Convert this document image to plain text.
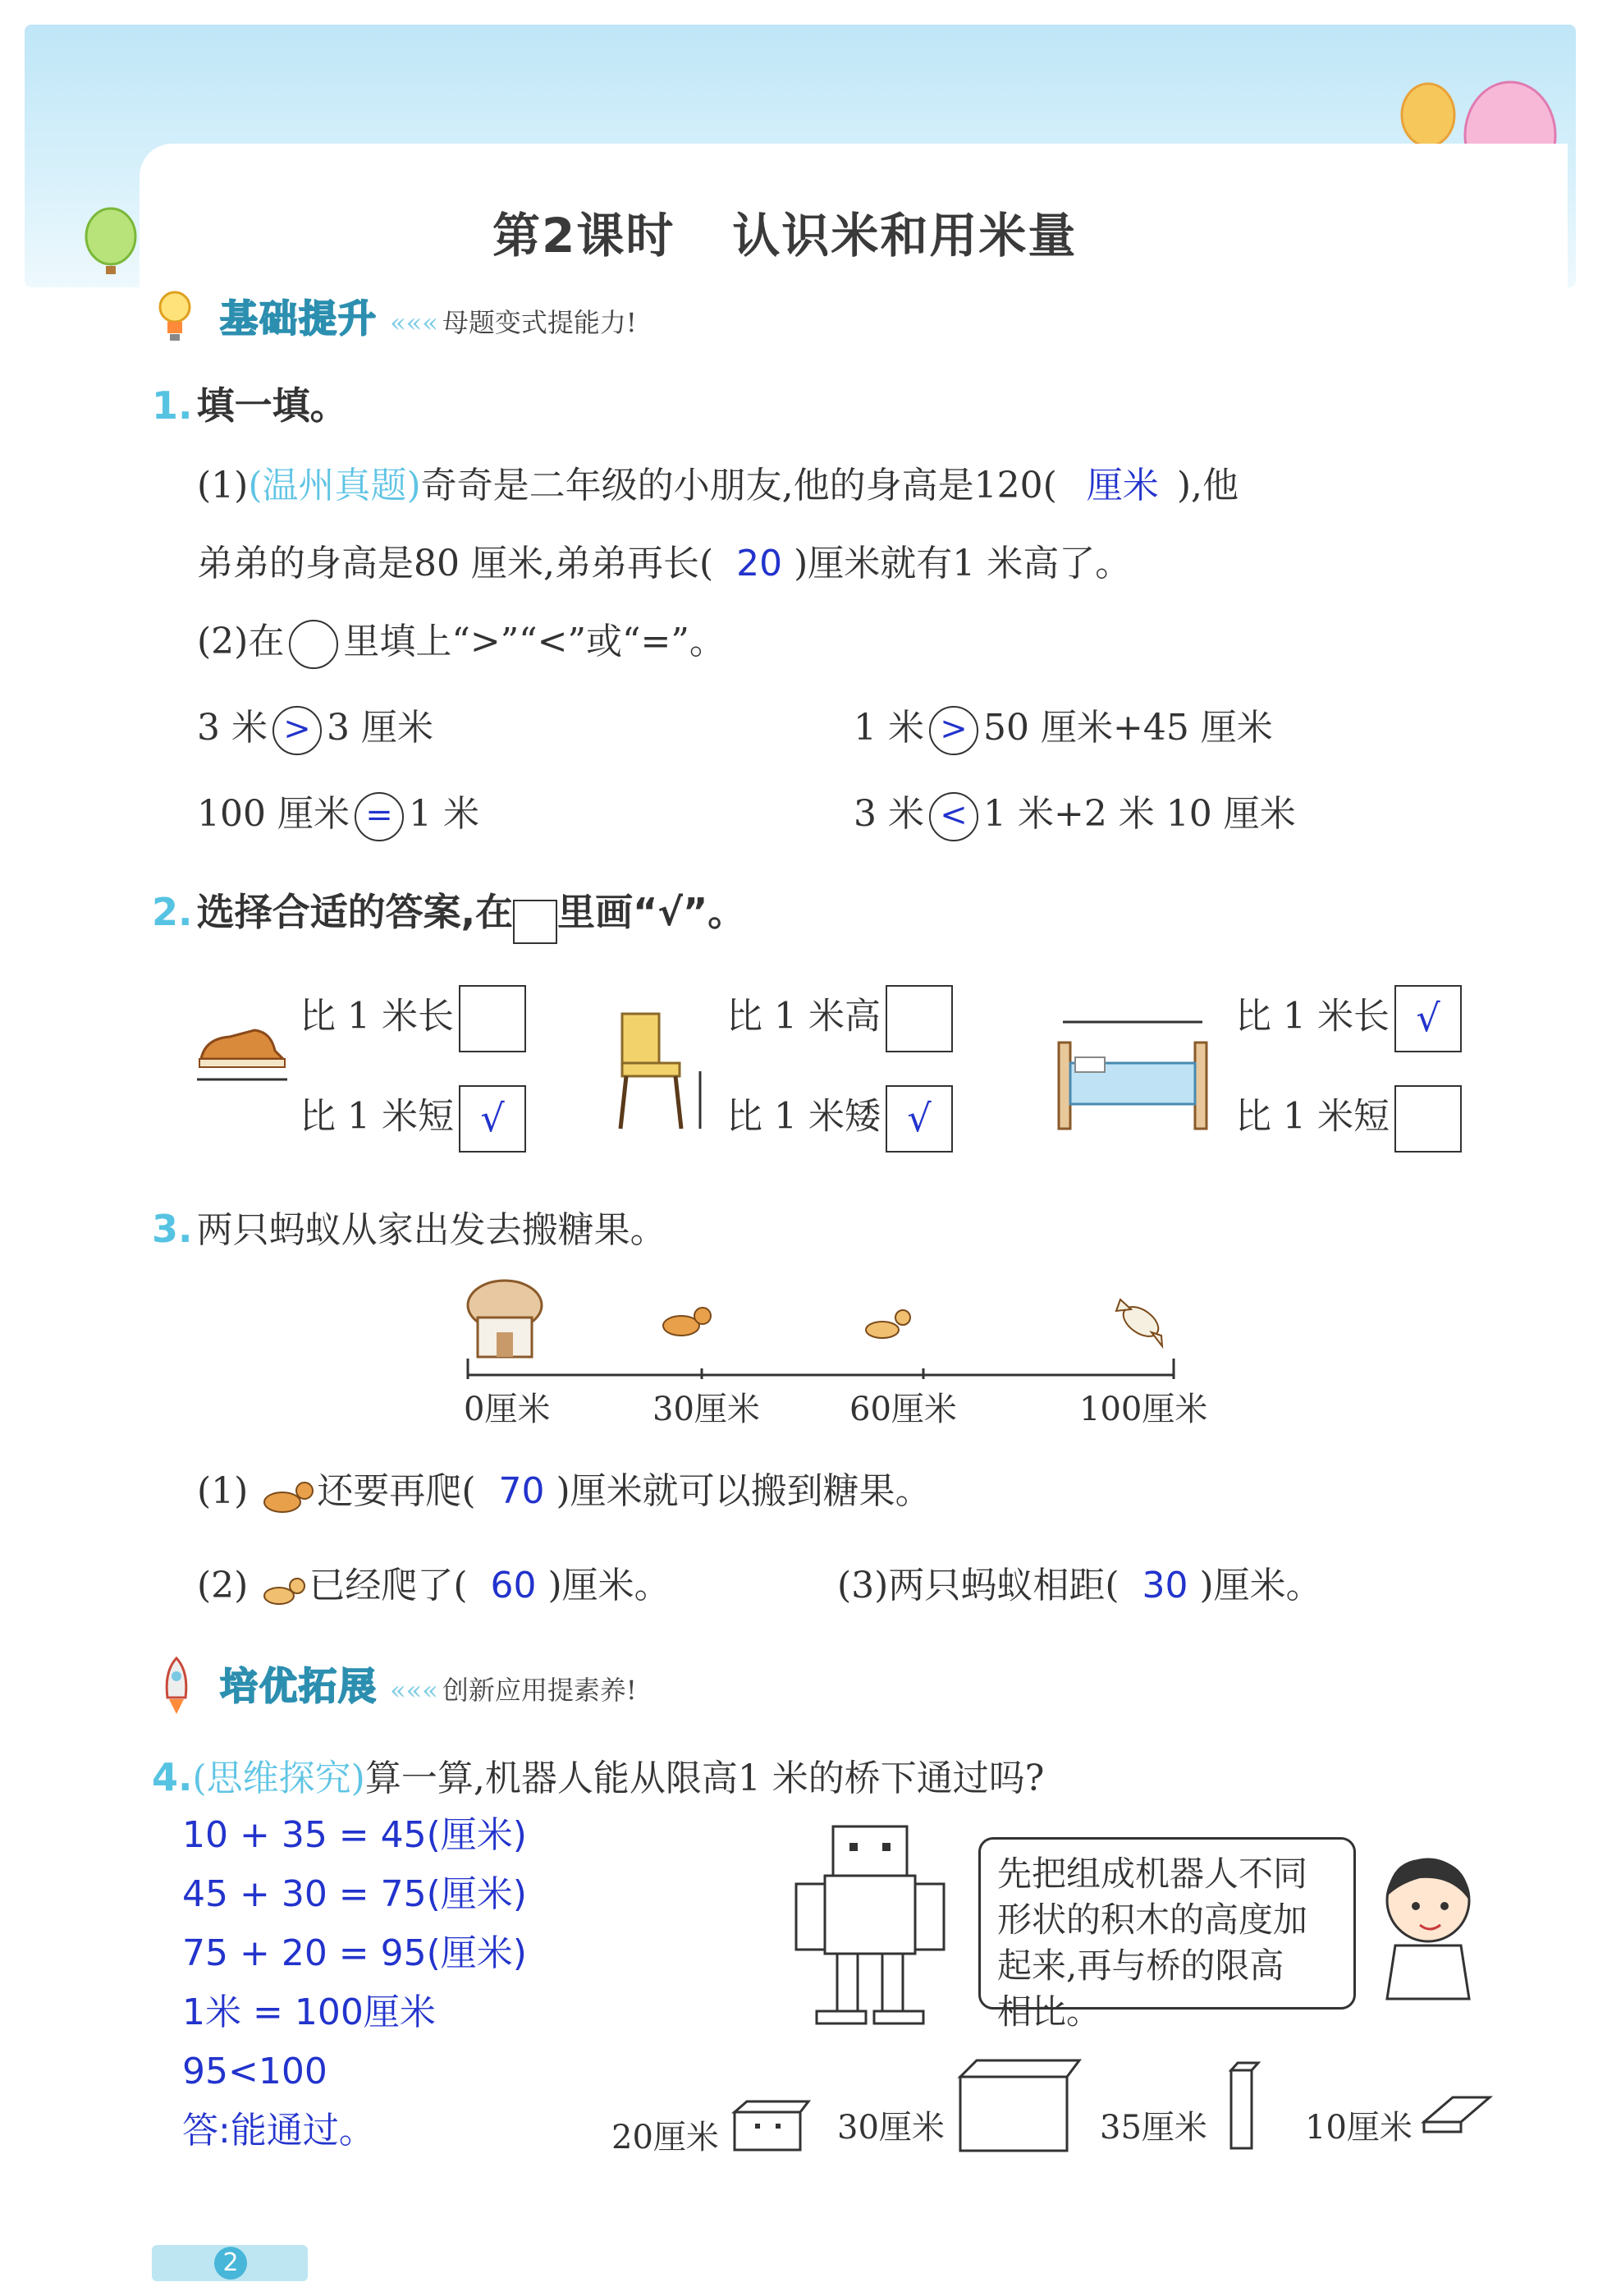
第2课时 认识米和用米量
基础提升 ««« 母题变式提能力!
1. 填一填。
(1)(温州真题)奇奇是二年级的小朋友,他的身高是120( 厘米 ),他
弟弟的身高是80 厘米,弟弟再长( 20 )厘米就有1 米高了。
(2)在 里填上“>”“<”或“=”。
3 米 > 3 厘米	1 米 > 50 厘米+45 厘米
100 厘米 = 1 米	3 米 < 1 米+2 米 10 厘米
2. 选择合适的答案,在 里画“√”。
比 1 米长
比 1 米短 √
比 1 米高
比 1 米矮 √
比 1 米长 √
比 1 米短
3. 两只蚂蚁从家出发去搬糖果。
0厘米	30厘米	60厘米	100厘米
(1) 还要再爬( 70 )厘米就可以搬到糖果。
(2) 已经爬了( 60 )厘米。	(3)两只蚂蚁相距( 30 )厘米。
培优拓展 ««« 创新应用提素养!
4.(思维探究)算一算,机器人能从限高1 米的桥下通过吗?
10 + 35 = 45(厘米)
45 + 30 = 75(厘米)
75 + 20 = 95(厘米)
1米 = 100厘米
95<100
答:能通过。
先把组成机器人不同
形状的积木的高度加
起来,再与桥的限高
相比。
20厘米	30厘米	35厘米	10厘米
2
